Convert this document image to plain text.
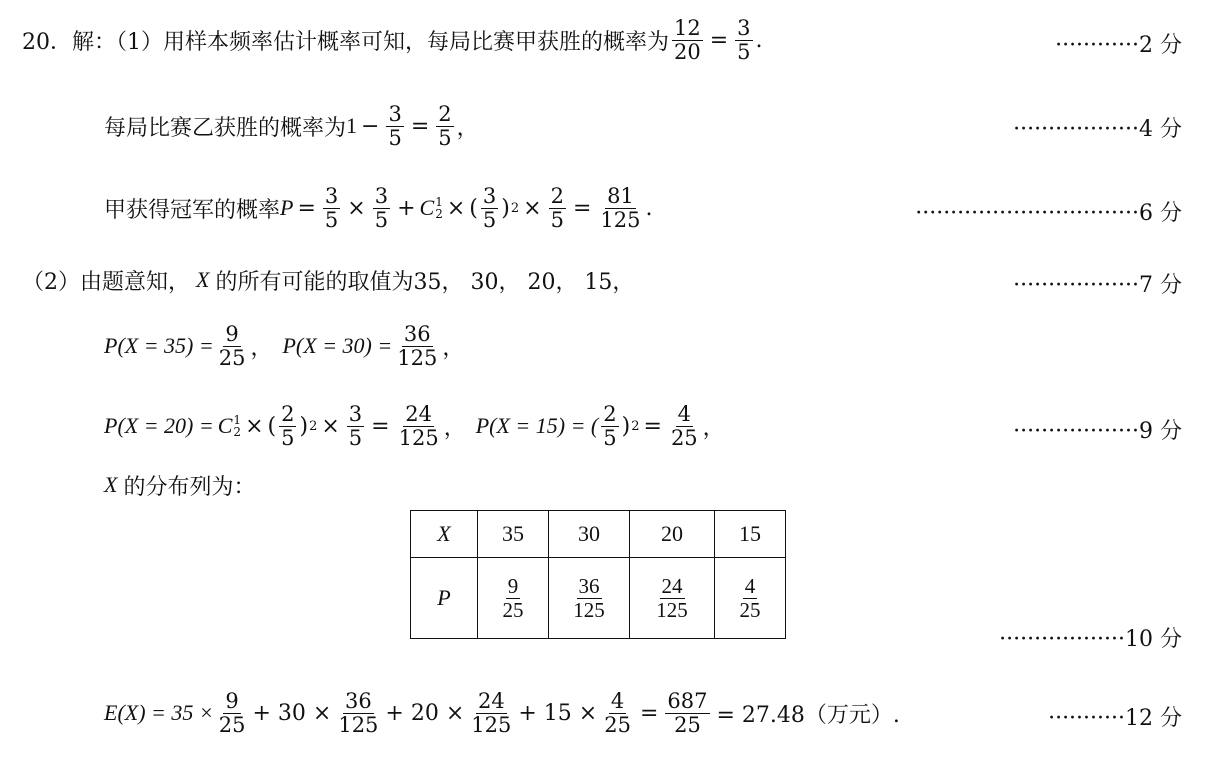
20． 解：（1）用样本频率估计概率可知，每局比赛甲获胜的概率为 $\frac{12}{20} = \frac{3}{5}$ .	············2 分
每局比赛乙获胜的概率为 $1 - \frac{3}{5} = \frac{2}{5}$ ，	··················4 分
甲获得冠军的概率 $P = \frac{3}{5} \times \frac{3}{5} + C$ 1
2 × ( $\frac{3}{5}$ ) $2 \times \frac{2}{5} = \frac{81}{125}$ .	································6 分
（2）由题意知， X 的所有可能的取值为 35， 30， 20， 15，	··················7 分
$P(X = 35) = \frac{9}{25}$ ， $P(X = 30) = \frac{36}{125}$ ，
P(X = 20) = C 1
2 × ( $\frac{2}{5}$ ) $2 \times \frac{3}{5} = \frac{24}{125}$ ， P(X = 15) = ( $\frac{2}{5}$ ) $2 = \frac{4}{25}$ ，	··················9 分
X 的分布列为：
X	35	30	20	15
P	$\frac{9}{25}$	$\frac{36}{125}$	$\frac{24}{125}$	$\frac{4}{25}$
··················10 分
$E(X) = 35 \times \frac{9}{25} + 30 \times \frac{36}{125} + 20 \times \frac{24}{125} + 15 \times \frac{4}{25} = \frac{687}{25} = 27.48$（万元）.	···········12 分
